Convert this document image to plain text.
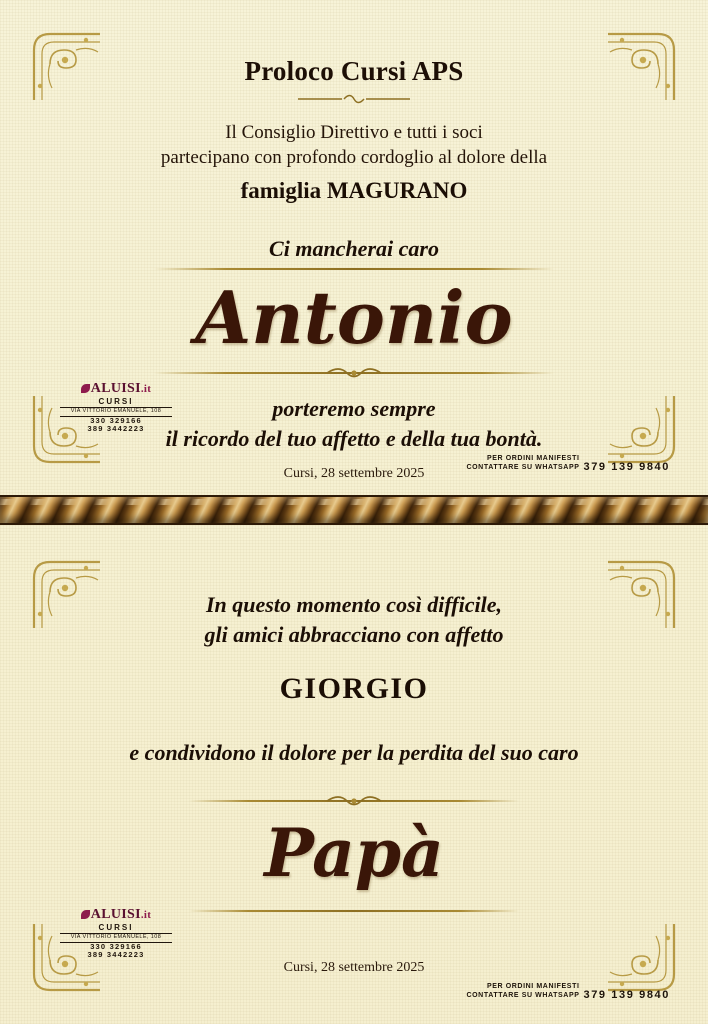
Proloco Cursi APS
Il Consiglio Direttivo e tutti i soci
partecipano con profondo cordoglio al dolore della
famiglia MAGURANO
Ci mancherai caro
Antonio
porteremo sempre
il ricordo del tuo affetto e della tua bontà.
Cursi, 28 settembre 2025
ALUISI.it
CURSI
VIA VITTORIO EMANUELE, 108
330 329166
389 3442223
PER ORDINI MANIFESTI
CONTATTARE SU WHATSAPP 379 139 9840
In questo momento così difficile,
gli amici abbracciano con affetto
GIORGIO
e condividono il dolore per la perdita del suo caro
Papà
Cursi, 28 settembre 2025
ALUISI.it
CURSI
VIA VITTORIO EMANUELE, 108
330 329166
389 3442223
PER ORDINI MANIFESTI
CONTATTARE SU WHATSAPP 379 139 9840
